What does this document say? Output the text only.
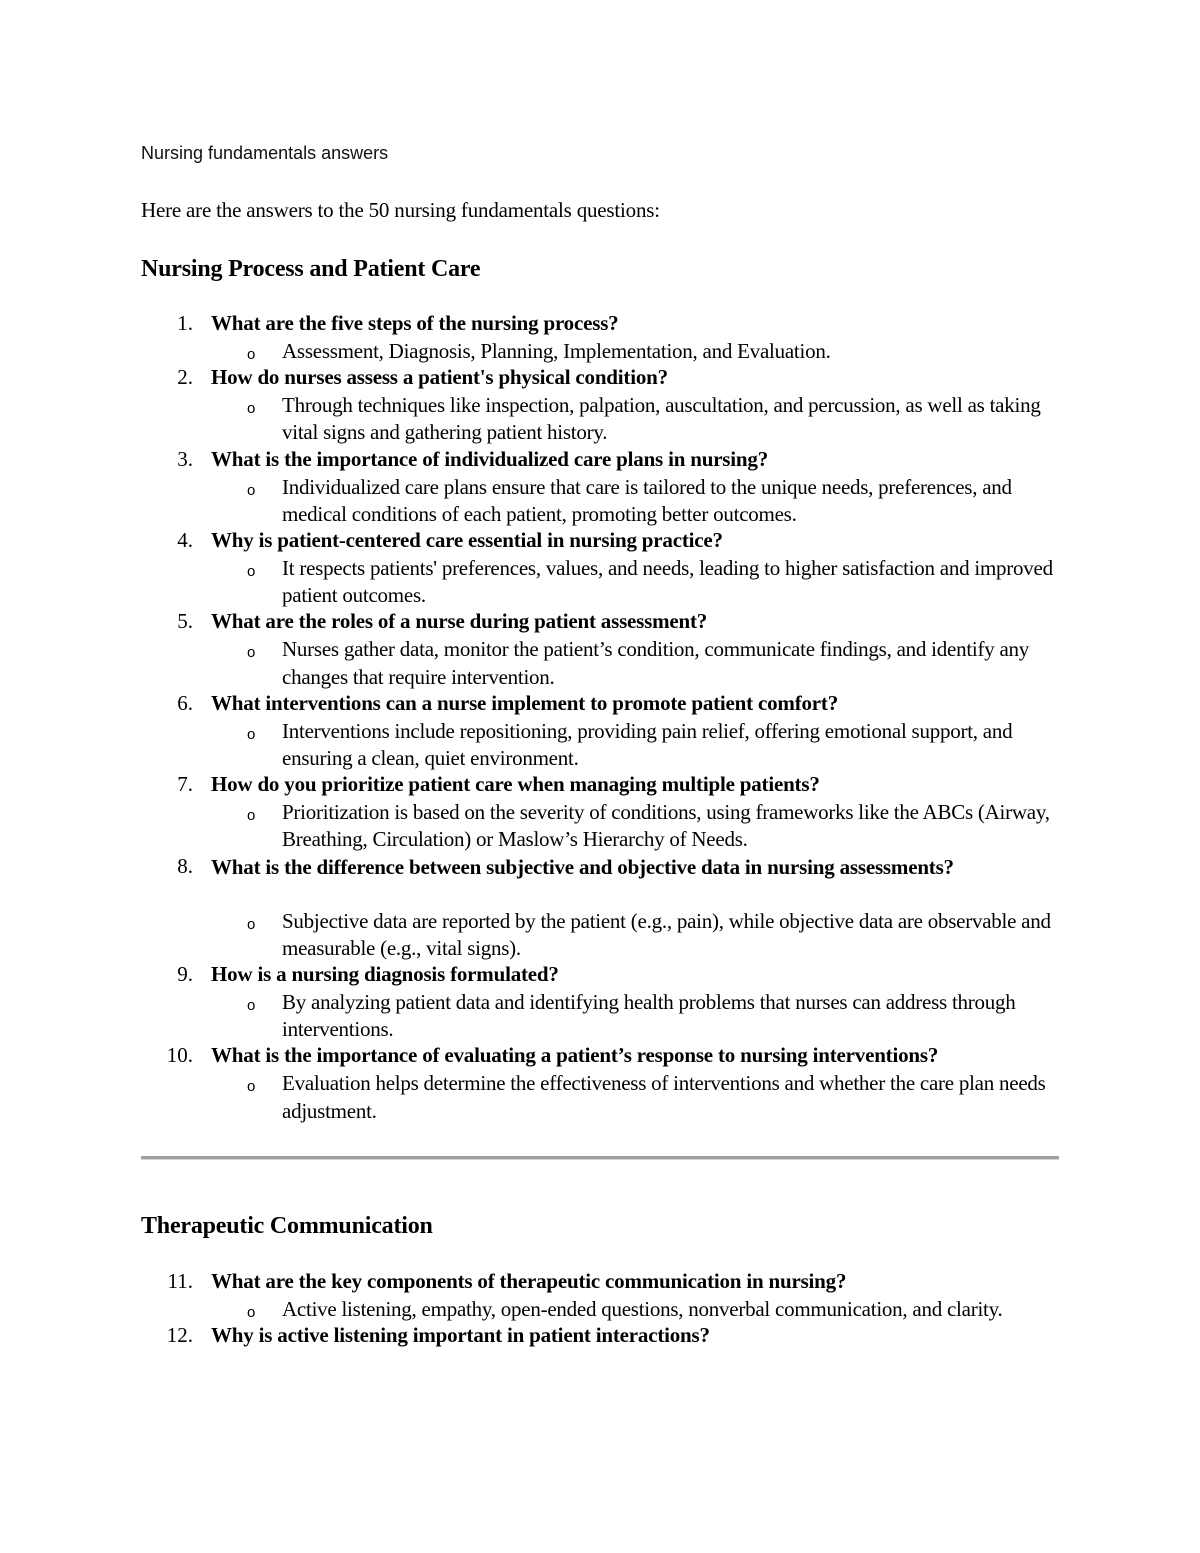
Nursing fundamentals answers
Here are the answers to the 50 nursing fundamentals questions:
Nursing Process and Patient Care
1. What are the five steps of the nursing process?
o Assessment, Diagnosis, Planning, Implementation, and Evaluation.
2. How do nurses assess a patient's physical condition?
o Through techniques like inspection, palpation, auscultation, and percussion, as well as taking vital signs and gathering patient history.
3. What is the importance of individualized care plans in nursing?
o Individualized care plans ensure that care is tailored to the unique needs, preferences, and medical conditions of each patient, promoting better outcomes.
4. Why is patient-centered care essential in nursing practice?
o It respects patients' preferences, values, and needs, leading to higher satisfaction and improved patient outcomes.
5. What are the roles of a nurse during patient assessment?
o Nurses gather data, monitor the patient’s condition, communicate findings, and identify any changes that require intervention.
6. What interventions can a nurse implement to promote patient comfort?
o Interventions include repositioning, providing pain relief, offering emotional support, and ensuring a clean, quiet environment.
7. How do you prioritize patient care when managing multiple patients?
o Prioritization is based on the severity of conditions, using frameworks like the ABCs (Airway, Breathing, Circulation) or Maslow’s Hierarchy of Needs.
8. What is the difference between subjective and objective data in nursing assessments?
o Subjective data are reported by the patient (e.g., pain), while objective data are observable and measurable (e.g., vital signs).
9. How is a nursing diagnosis formulated?
o By analyzing patient data and identifying health problems that nurses can address through interventions.
10. What is the importance of evaluating a patient’s response to nursing interventions?
o Evaluation helps determine the effectiveness of interventions and whether the care plan needs adjustment.
Therapeutic Communication
11. What are the key components of therapeutic communication in nursing?
o Active listening, empathy, open-ended questions, nonverbal communication, and clarity.
12. Why is active listening important in patient interactions?
